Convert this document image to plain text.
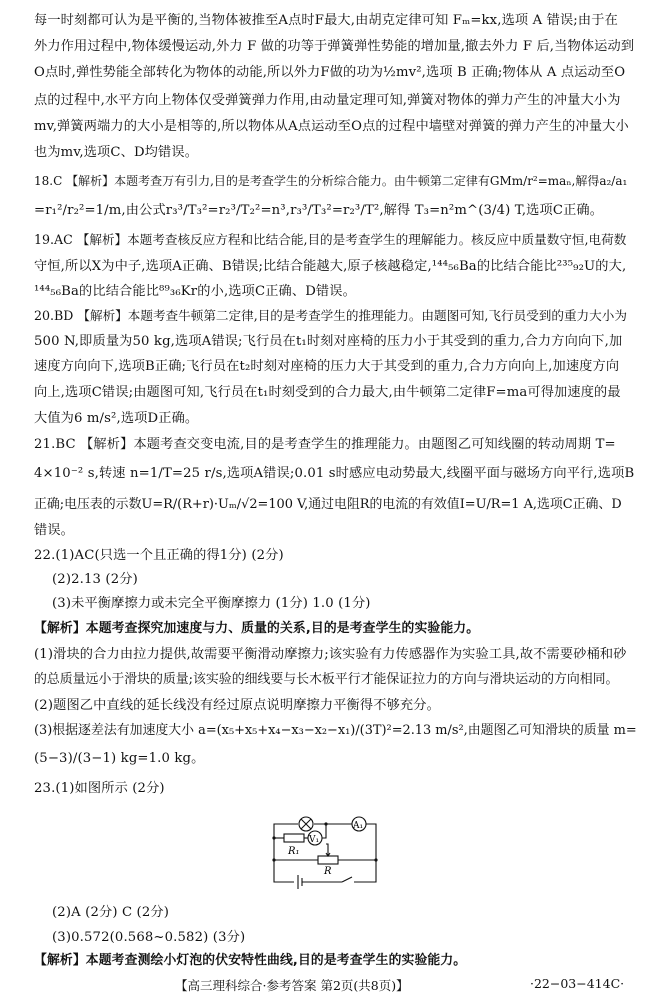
每一时刻都可认为是平衡的,当物体被推至A点时F最大,由胡克定律可知 Fₘ=kx,选项 A 错误;由于在
外力作用过程中,物体缓慢运动,外力 F 做的功等于弹簧弹性势能的增加量,撤去外力 F 后,当物体运动到
O点时,弹性势能全部转化为物体的动能,所以外力F做的功为½mv²,选项 B 正确;物体从 A 点运动至O
点的过程中,水平方向上物体仅受弹簧弹力作用,由动量定理可知,弹簧对物体的弹力产生的冲量大小为
mv,弹簧两端力的大小是相等的,所以物体从A点运动至O点的过程中墙壁对弹簧的弹力产生的冲量大小
也为mv,选项C、D均错误。
18.C 【解析】本题考查万有引力,目的是考查学生的分析综合能力。由牛顿第二定律有GMm/r²=maₙ,解得a₂/a₁
=r₁²/r₂²=1/m,由公式r₃³/T₃²=r₂³/T₂²=n³,r₃³/T₃²=r₂³/T²,解得 T₃=n²m^(3/4) T,选项C正确。
19.AC 【解析】本题考查核反应方程和比结合能,目的是考查学生的理解能力。核反应中质量数守恒,电荷数
守恒,所以X为中子,选项A正确、B错误;比结合能越大,原子核越稳定,¹⁴⁴₅₆Ba的比结合能比²³⁵₉₂U的大,
¹⁴⁴₅₆Ba的比结合能比⁸⁹₃₆Kr的小,选项C正确、D错误。
20.BD 【解析】本题考查牛顿第二定律,目的是考查学生的推理能力。由题图可知,飞行员受到的重力大小为
500 N,即质量为50 kg,选项A错误;飞行员在t₁时刻对座椅的压力小于其受到的重力,合力方向向下,加
速度方向向下,选项B正确;飞行员在t₂时刻对座椅的压力大于其受到的重力,合力方向向上,加速度方向
向上,选项C错误;由题图可知,飞行员在t₁时刻受到的合力最大,由牛顿第二定律F=ma可得加速度的最
大值为6 m/s²,选项D正确。
21.BC 【解析】本题考查交变电流,目的是考查学生的推理能力。由题图乙可知线圈的转动周期 T=
4×10⁻² s,转速 n=1/T=25 r/s,选项A错误;0.01 s时感应电动势最大,线圈平面与磁场方向平行,选项B
正确;电压表的示数U=R/(R+r)·Uₘ/√2=100 V,通过电阻R的电流的有效值I=U/R=1 A,选项C正确、D
错误。
22.(1)AC(只选一个且正确的得1分) (2分)
(2)2.13 (2分)
(3)未平衡摩擦力或未完全平衡摩擦力 (1分) 1.0 (1分)
【解析】本题考查探究加速度与力、质量的关系,目的是考查学生的实验能力。
(1)滑块的合力由拉力提供,故需要平衡滑动摩擦力;该实验有力传感器作为实验工具,故不需要砂桶和砂
的总质量远小于滑块的质量;该实验的细线要与长木板平行才能保证拉力的方向与滑块运动的方向相同。
(2)题图乙中直线的延长线没有经过原点说明摩擦力平衡得不够充分。
(3)根据逐差法有加速度大小 a=(x₅+x₅+x₄−x₃−x₂−x₁)/(3T)²=2.13 m/s²,由题图乙可知滑块的质量 m=
(5−3)/(3−1) kg=1.0 kg。
23.(1)如图所示 (2分)
(2)A (2分) C (2分)
(3)0.572(0.568~0.582) (3分)
【解析】本题考查测绘小灯泡的伏安特性曲线,目的是考查学生的实验能力。
V₁
A₁
R₁
R
【高三理科综合·参考答案 第2页(共8页)】	·22−03−414C·
